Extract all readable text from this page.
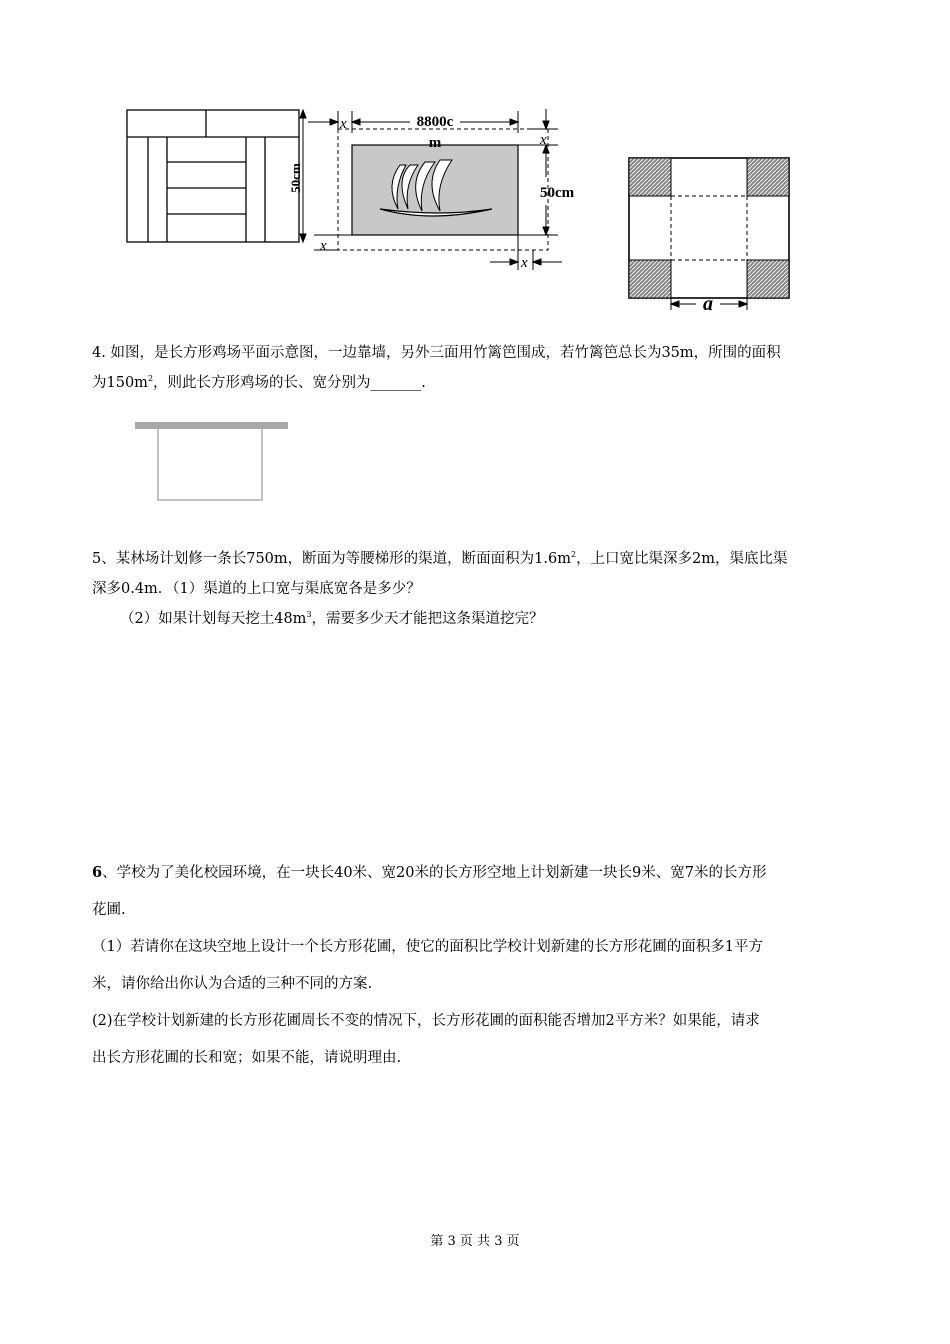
50cm
8800c
m
x
x
50cm
x
x
a
4. 如图，是长方形鸡场平面示意图，一边靠墙，另外三面用竹篱笆围成，若竹篱笆总长为35m，所围的面积
为$150m^2$，则此长方形鸡场的长、宽分别为_______.
5、某林场计划修一条长750m，断面为等腰梯形的渠道，断面面积为$1.6m^2$，上口宽比渠深多2m，渠底比渠
深多0.4m．（1）渠道的上口宽与渠底宽各是多少？
（2）如果计划每天挖土$48m^3$，需要多少天才能把这条渠道挖完？
6、学校为了美化校园环境，在一块长40米、宽20米的长方形空地上计划新建一块长9米、宽7米的长方形
花圃.
（1）若请你在这块空地上设计一个长方形花圃，使它的面积比学校计划新建的长方形花圃的面积多1平方
米，请你给出你认为合适的三种不同的方案.
(2)在学校计划新建的长方形花圃周长不变的情况下，长方形花圃的面积能否增加2平方米？如果能，请求
出长方形花圃的长和宽；如果不能，请说明理由.
第 3 页 共 3 页
